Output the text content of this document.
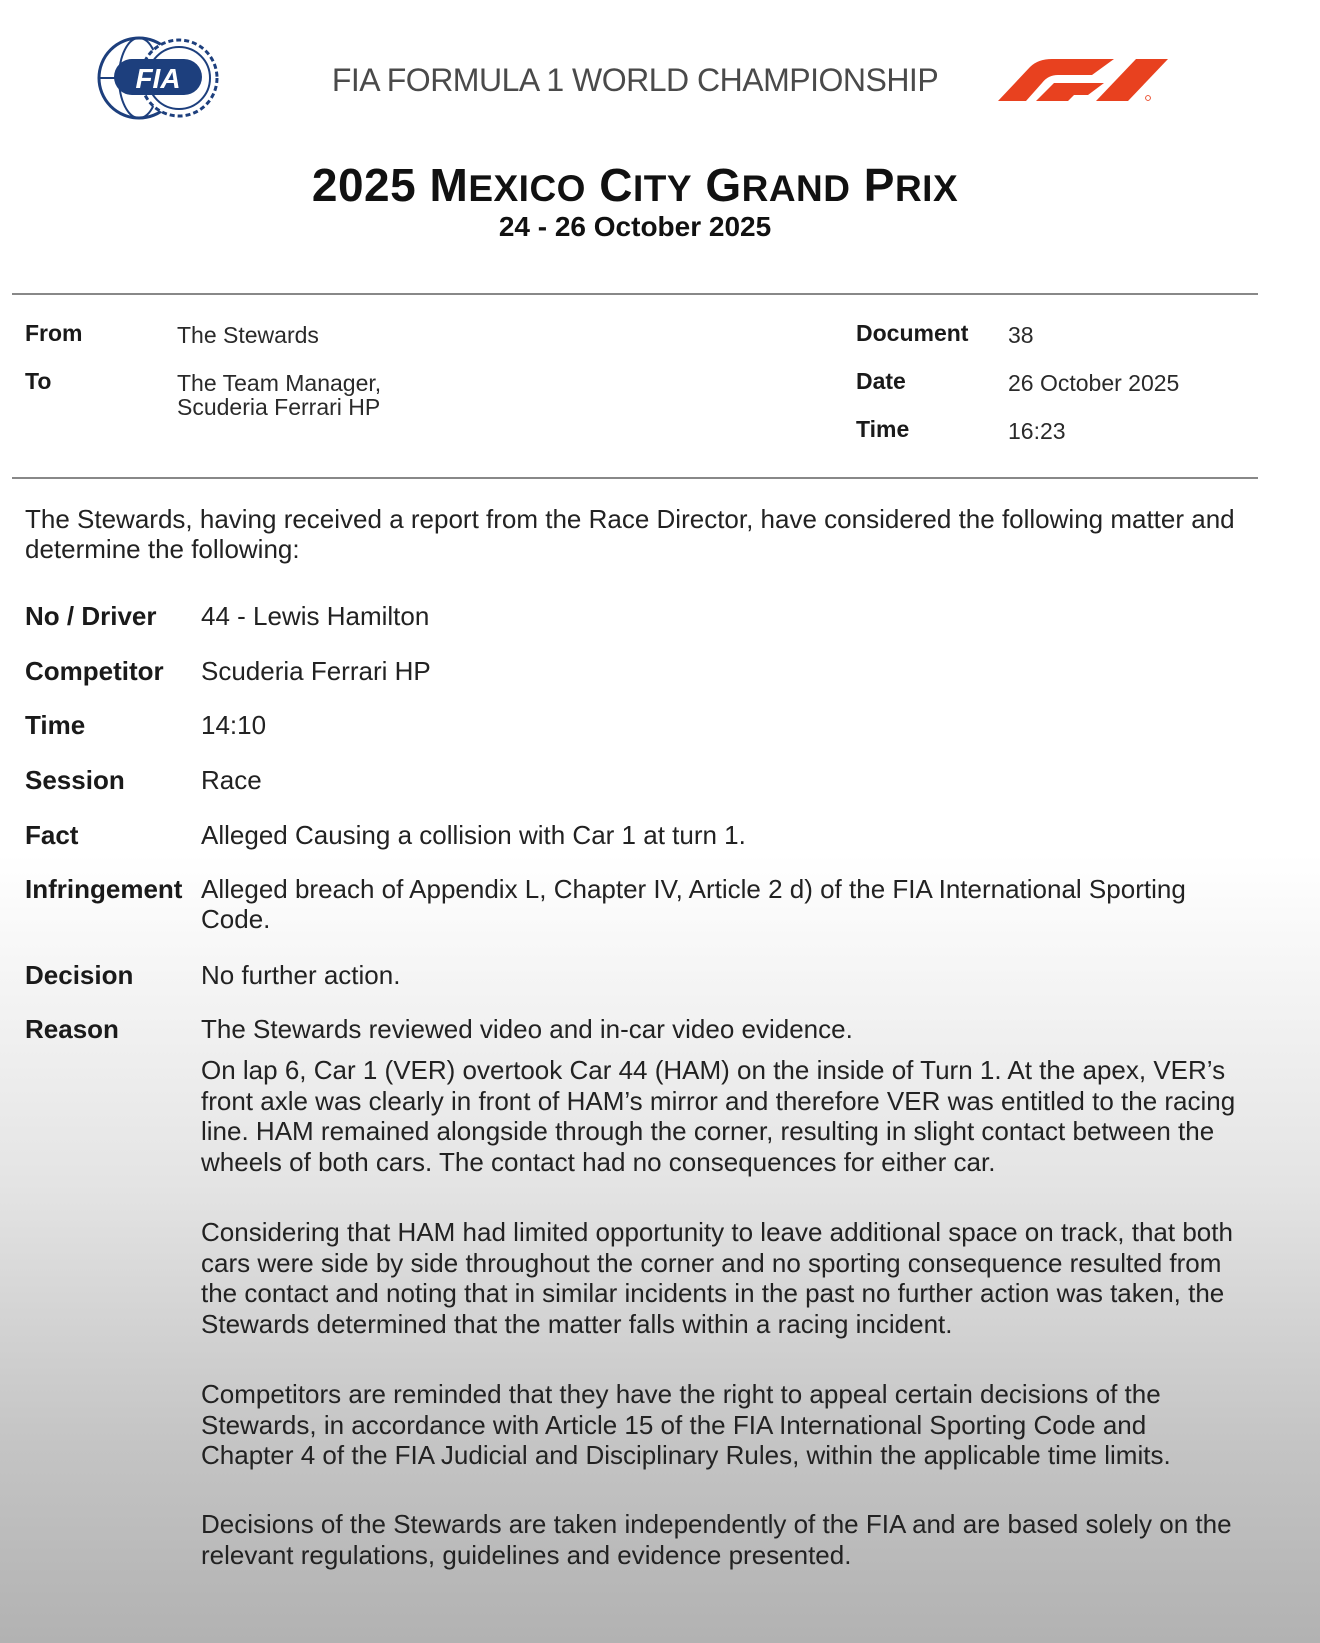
FIA	FIA FORMULA 1 WORLD CHAMPIONSHIP
2025 MEXICO CITY GRAND PRIX
24 - 26 October 2025
From	The Stewards
To	The Team Manager,
Scuderia Ferrari HP
Document 38
Date	26 October 2025
Time	16:23
The Stewards, having received a report from the Race Director, have considered the following matter and determine the following:
No / Driver 44 - Lewis Hamilton
Competitor Scuderia Ferrari HP
Time	14:10
Session	Race
Fact	Alleged Causing a collision with Car 1 at turn 1.
Infringement Alleged breach of Appendix L, Chapter IV, Article 2 d) of the FIA International Sporting Code.
Decision	No further action.
Reason	The Stewards reviewed video and in-car video evidence.
On lap 6, Car 1 (VER) overtook Car 44 (HAM) on the inside of Turn 1. At the apex, VER’s front axle was clearly in front of HAM’s mirror and therefore VER was entitled to the racing line. HAM remained alongside through the corner, resulting in slight contact between the wheels of both cars. The contact had no consequences for either car.
Considering that HAM had limited opportunity to leave additional space on track, that both cars were side by side throughout the corner and no sporting consequence resulted from the contact and noting that in similar incidents in the past no further action was taken, the Stewards determined that the matter falls within a racing incident.
Competitors are reminded that they have the right to appeal certain decisions of the Stewards, in accordance with Article 15 of the FIA International Sporting Code and Chapter 4 of the FIA Judicial and Disciplinary Rules, within the applicable time limits.
Decisions of the Stewards are taken independently of the FIA and are based solely on the relevant regulations, guidelines and evidence presented.
